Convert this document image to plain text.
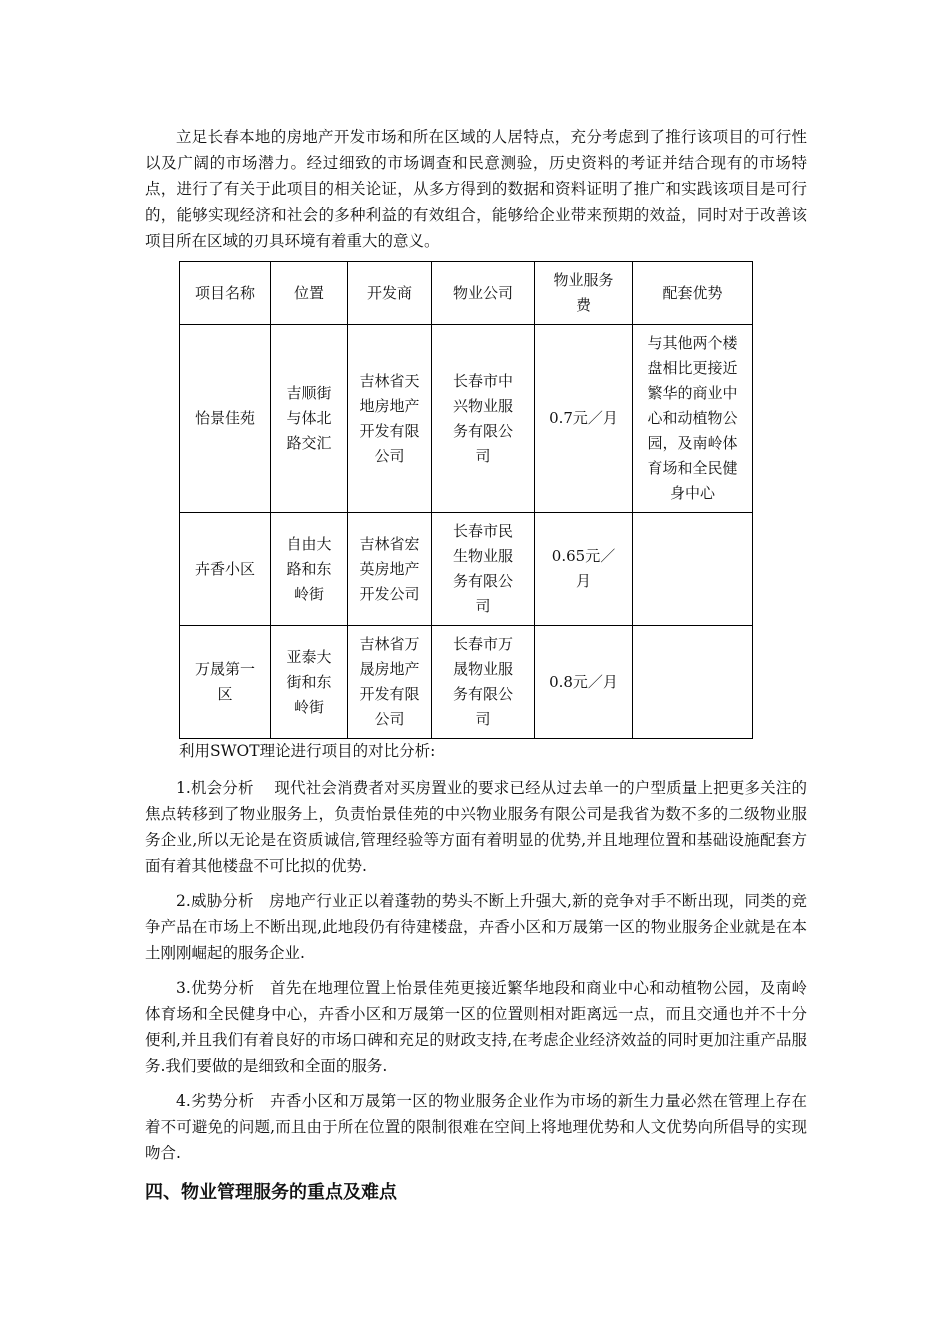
立足长春本地的房地产开发市场和所在区域的人居特点，充分考虑到了推行该项目的可行性以及广阔的市场潜力。经过细致的市场调查和民意测验，历史资料的考证并结合现有的市场特点，进行了有关于此项目的相关论证，从多方得到的数据和资料证明了推广和实践该项目是可行的，能够实现经济和社会的多种利益的有效组合，能够给企业带来预期的效益，同时对于改善该项目所在区域的刃具环境有着重大的意义。

项目名称	位置	开发商	物业公司	物业服务费	配套优势
怡景佳苑	吉顺街与体北路交汇	吉林省天地房地产开发有限公司	长春市中兴物业服务有限公司	0.7元／月	与其他两个楼盘相比更接近繁华的商业中心和动植物公园，及南岭体育场和全民健身中心
卉香小区	自由大路和东岭街	吉林省宏英房地产开发公司	长春市民生物业服务有限公司	0.65元／月	
万晟第一区	亚泰大街和东岭街	吉林省万晟房地产开发有限公司	长春市万晟物业服务有限公司	0.8元／月	
利用SWOT理论进行项目的对比分析:

1.机会分析　 现代社会消费者对买房置业的要求已经从过去单一的户型质量上把更多关注的焦点转移到了物业服务上，负责怡景佳苑的中兴物业服务有限公司是我省为数不多的二级物业服务企业,所以无论是在资质诚信,管理经验等方面有着明显的优势,并且地理位置和基础设施配套方面有着其他楼盘不可比拟的优势.

2.威胁分析　房地产行业正以着蓬勃的势头不断上升强大,新的竞争对手不断出现，同类的竞争产品在市场上不断出现,此地段仍有待建楼盘，卉香小区和万晟第一区的物业服务企业就是在本土刚刚崛起的服务企业.

3.优势分析　首先在地理位置上怡景佳苑更接近繁华地段和商业中心和动植物公园，及南岭体育场和全民健身中心，卉香小区和万晟第一区的位置则相对距离远一点，而且交通也并不十分便利,并且我们有着良好的市场口碑和充足的财政支持,在考虑企业经济效益的同时更加注重产品服务.我们要做的是细致和全面的服务.

4.劣势分析　卉香小区和万晟第一区的物业服务企业作为市场的新生力量必然在管理上存在着不可避免的问题,而且由于所在位置的限制很难在空间上将地理优势和人文优势向所倡导的实现吻合.

四、物业管理服务的重点及难点
